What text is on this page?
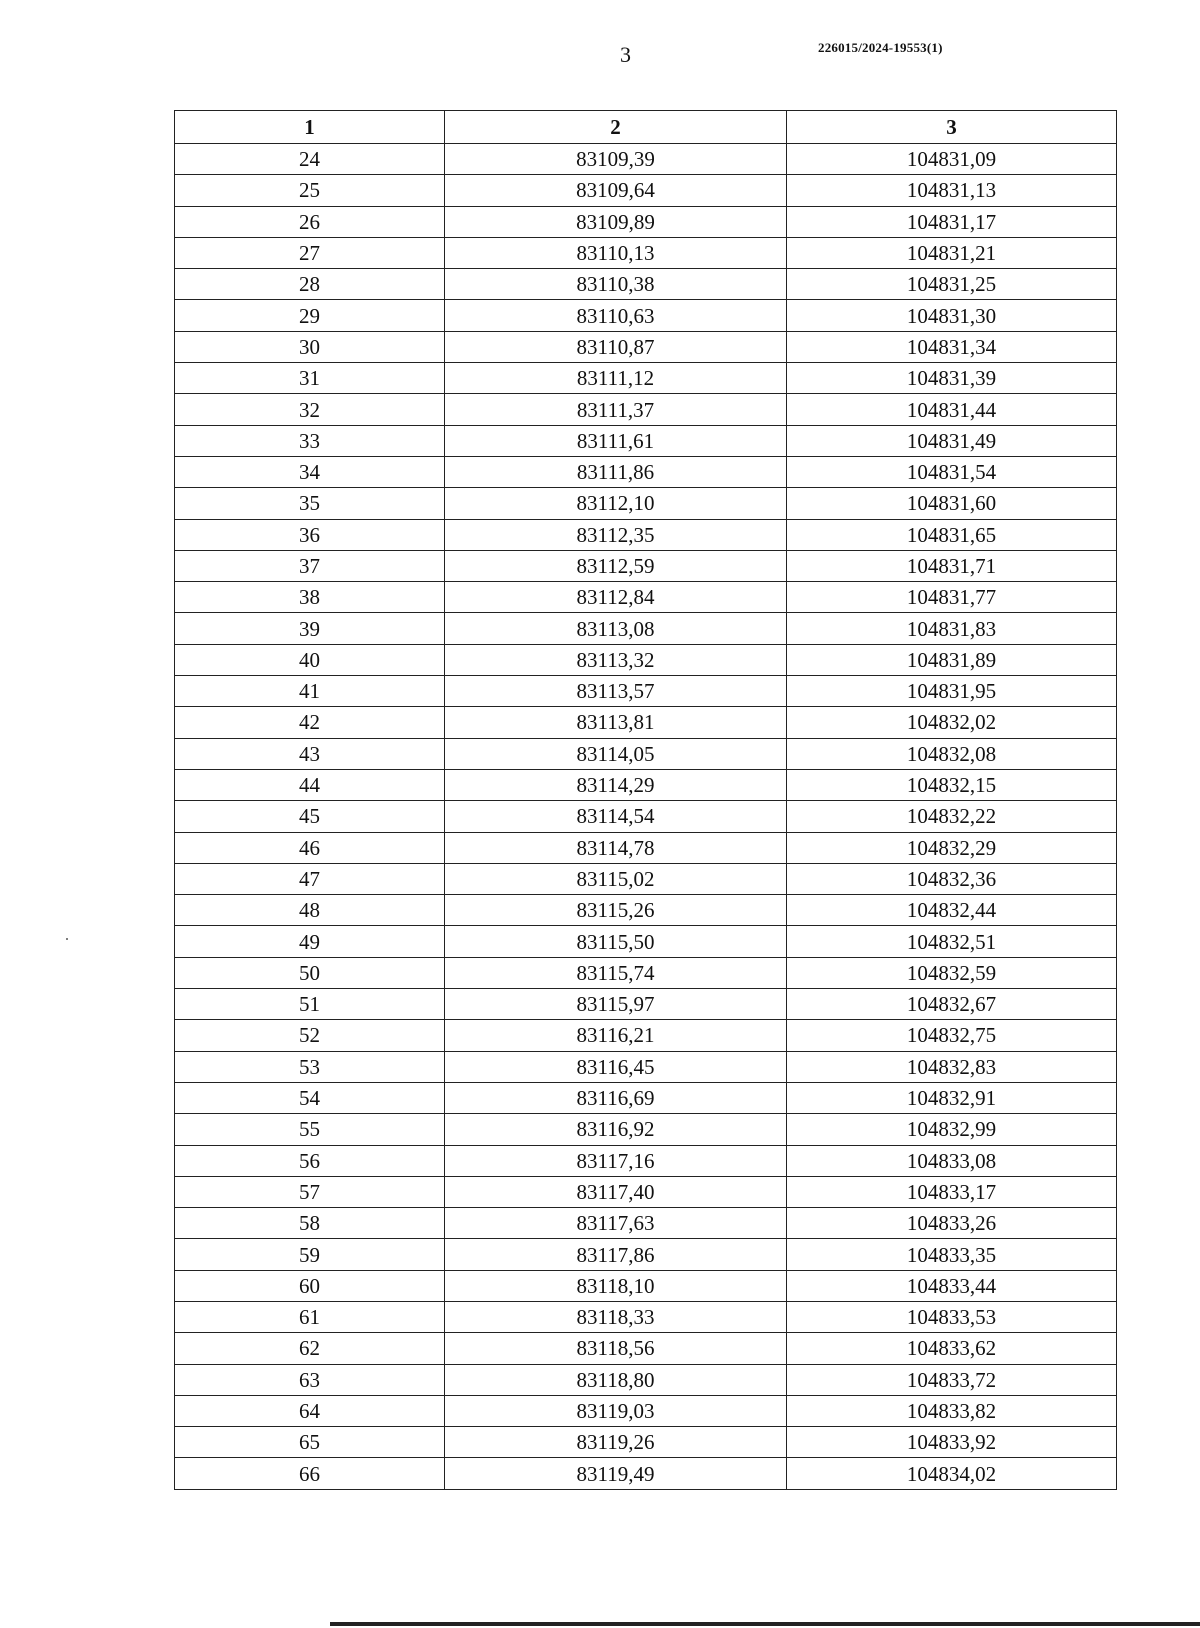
3	226015/2024-19553(1)
1	2	3
24	83109,39	104831,09
25	83109,64	104831,13
26	83109,89	104831,17
27	83110,13	104831,21
28	83110,38	104831,25
29	83110,63	104831,30
30	83110,87	104831,34
31	83111,12	104831,39
32	83111,37	104831,44
33	83111,61	104831,49
34	83111,86	104831,54
35	83112,10	104831,60
36	83112,35	104831,65
37	83112,59	104831,71
38	83112,84	104831,77
39	83113,08	104831,83
40	83113,32	104831,89
41	83113,57	104831,95
42	83113,81	104832,02
43	83114,05	104832,08
44	83114,29	104832,15
45	83114,54	104832,22
46	83114,78	104832,29
47	83115,02	104832,36
48	83115,26	104832,44
49	83115,50	104832,51
50	83115,74	104832,59
51	83115,97	104832,67
52	83116,21	104832,75
53	83116,45	104832,83
54	83116,69	104832,91
55	83116,92	104832,99
56	83117,16	104833,08
57	83117,40	104833,17
58	83117,63	104833,26
59	83117,86	104833,35
60	83118,10	104833,44
61	83118,33	104833,53
62	83118,56	104833,62
63	83118,80	104833,72
64	83119,03	104833,82
65	83119,26	104833,92
66	83119,49	104834,02
